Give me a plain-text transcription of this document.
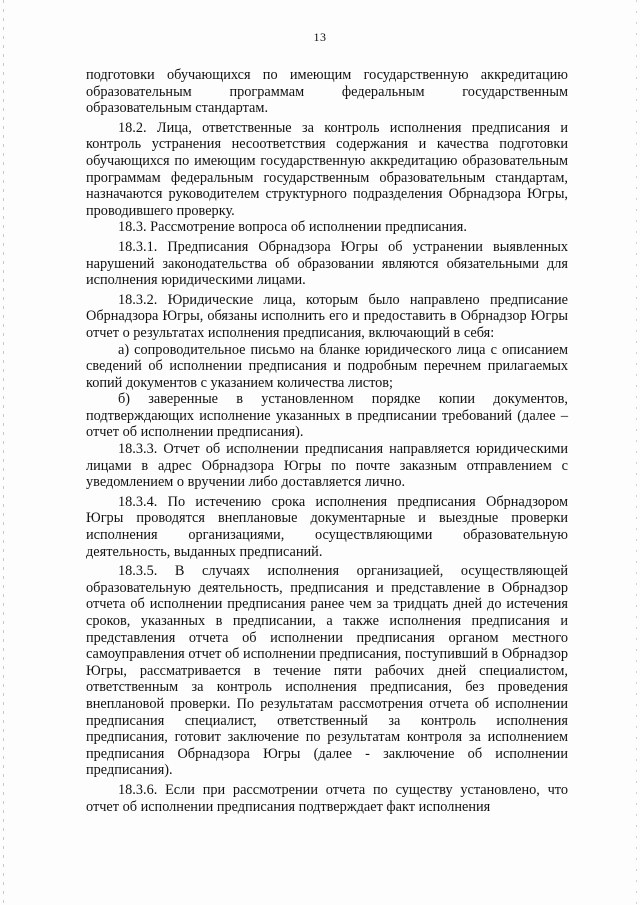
13

подготовки обучающихся по имеющим государственную аккредитацию образовательным программам федеральным государственным образовательным стандартам.

18.2. Лица, ответственные за контроль исполнения предписания и контроль устранения несоответствия содержания и качества подготовки обучающихся по имеющим государственную аккредитацию образовательным программам федеральным государственным образовательным стандартам, назначаются руководителем структурного подразделения Обрнадзора Югры, проводившего проверку.

18.3. Рассмотрение вопроса об исполнении предписания.

18.3.1. Предписания Обрнадзора Югры об устранении выявленных нарушений законодательства об образовании являются обязательными для исполнения юридическими лицами.

18.3.2. Юридические лица, которым было направлено предписание Обрнадзора Югры, обязаны исполнить его и предоставить в Обрнадзор Югры отчет о результатах исполнения предписания, включающий в себя:

а) сопроводительное письмо на бланке юридического лица с описанием сведений об исполнении предписания и подробным перечнем прилагаемых копий документов с указанием количества листов;

б) заверенные в установленном порядке копии документов, подтверждающих исполнение указанных в предписании требований (далее – отчет об исполнении предписания).

18.3.3. Отчет об исполнении предписания направляется юридическими лицами в адрес Обрнадзора Югры по почте заказным отправлением с уведомлением о вручении либо доставляется лично.

18.3.4. По истечению срока исполнения предписания Обрнадзором Югры проводятся внеплановые документарные и выездные проверки исполнения организациями, осуществляющими образовательную деятельность, выданных предписаний.

18.3.5. В случаях исполнения организацией, осуществляющей образовательную деятельность, предписания и представление в Обрнадзор отчета об исполнении предписания ранее чем за тридцать дней до истечения сроков, указанных в предписании, а также исполнения предписания и представления отчета об исполнении предписания органом местного самоуправления отчет об исполнении предписания, поступивший в Обрнадзор Югры, рассматривается в течение пяти рабочих дней специалистом, ответственным за контроль исполнения предписания, без проведения внеплановой проверки. По результатам рассмотрения отчета об исполнении предписания специалист, ответственный за контроль исполнения предписания, готовит заключение по результатам контроля за исполнением предписания Обрнадзора Югры (далее - заключение об исполнении предписания).

18.3.6. Если при рассмотрении отчета по существу установлено, что отчет об исполнении предписания подтверждает факт исполнения
